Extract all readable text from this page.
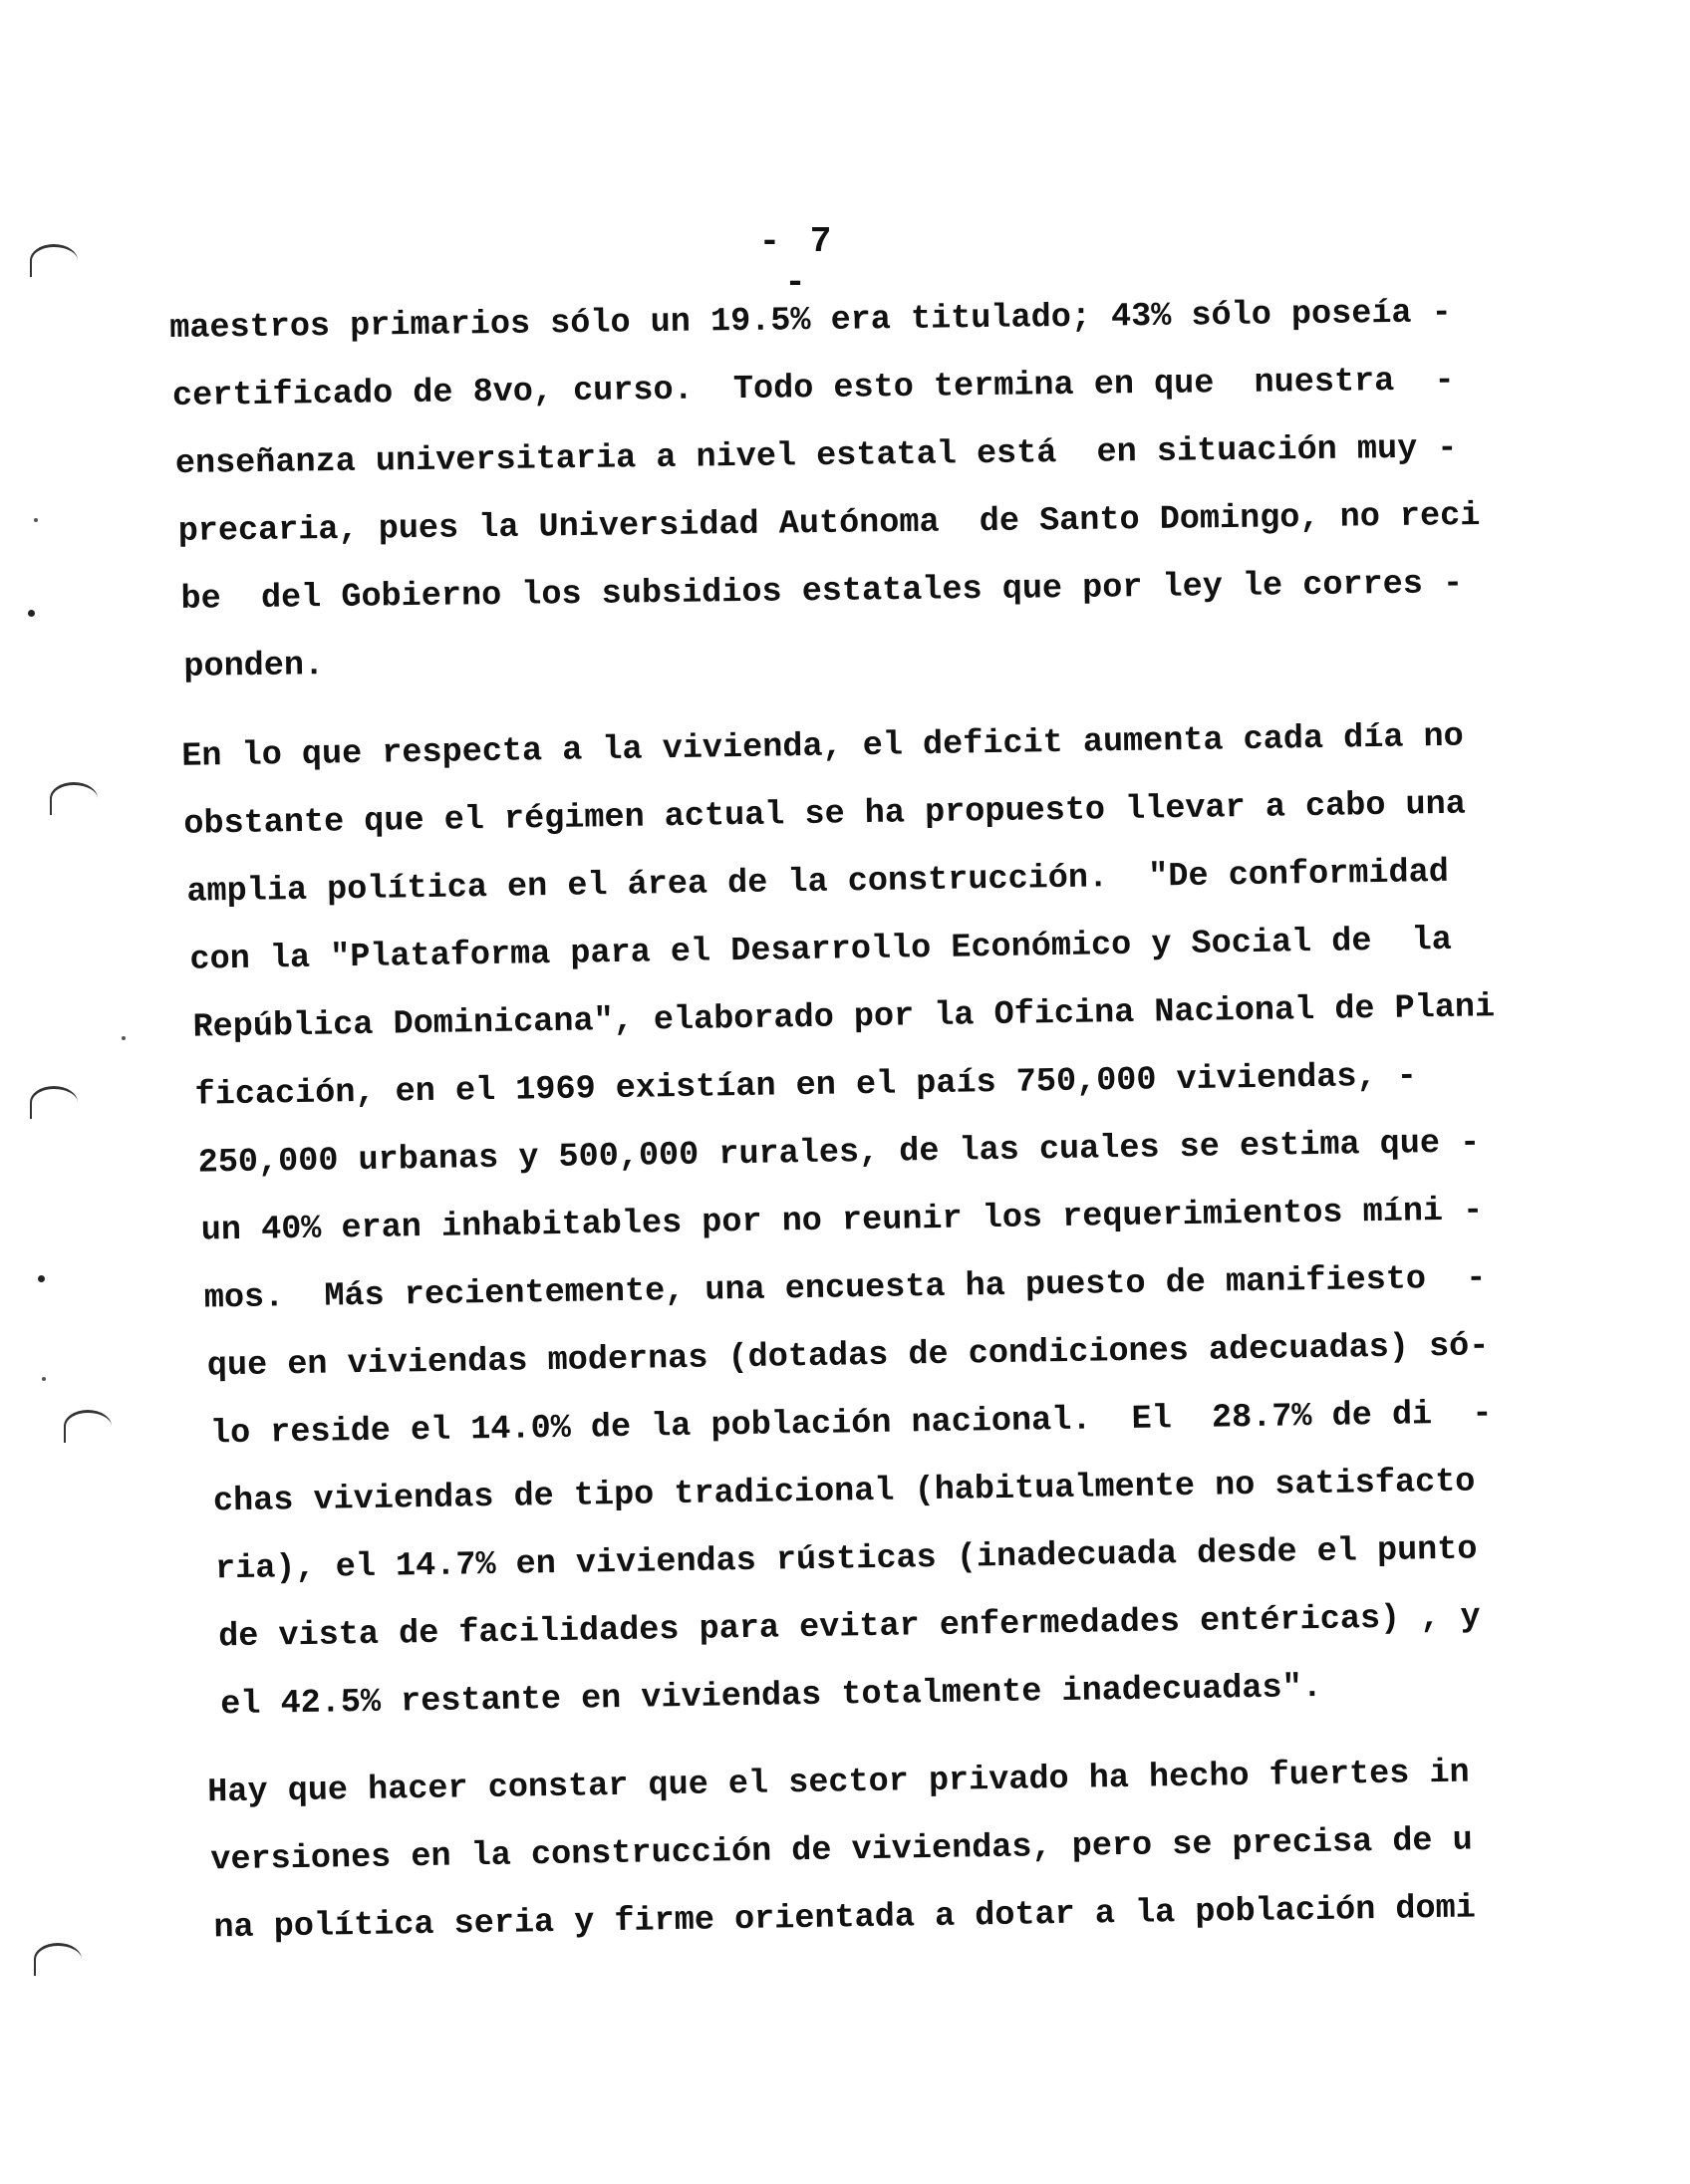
- 7 -
maestros primarios sólo un 19.5% era titulado; 43% sólo poseía -
certificado de 8vo, curso.  Todo esto termina en que  nuestra  -
enseñanza universitaria a nivel estatal está  en situación muy -
precaria, pues la Universidad Autónoma  de Santo Domingo, no reci
be  del Gobierno los subsidios estatales que por ley le corres -
ponden.
En lo que respecta a la vivienda, el deficit aumenta cada día no
obstante que el régimen actual se ha propuesto llevar a cabo una
amplia política en el área de la construcción.  "De conformidad
con la "Plataforma para el Desarrollo Económico y Social de  la
República Dominicana", elaborado por la Oficina Nacional de Plani
ficación, en el 1969 existían en el país 750,000 viviendas, -
250,000 urbanas y 500,000 rurales, de las cuales se estima que -
un 40% eran inhabitables por no reunir los requerimientos míni -
mos.  Más recientemente, una encuesta ha puesto de manifiesto  -
que en viviendas modernas (dotadas de condiciones adecuadas) só-
lo reside el 14.0% de la población nacional.  El  28.7% de di  -
chas viviendas de tipo tradicional (habitualmente no satisfacto
ria), el 14.7% en viviendas rústicas (inadecuada desde el punto
de vista de facilidades para evitar enfermedades entéricas) , y
el 42.5% restante en viviendas totalmente inadecuadas".
Hay que hacer constar que el sector privado ha hecho fuertes in
versiones en la construcción de viviendas, pero se precisa de u
na política seria y firme orientada a dotar a la población domi
